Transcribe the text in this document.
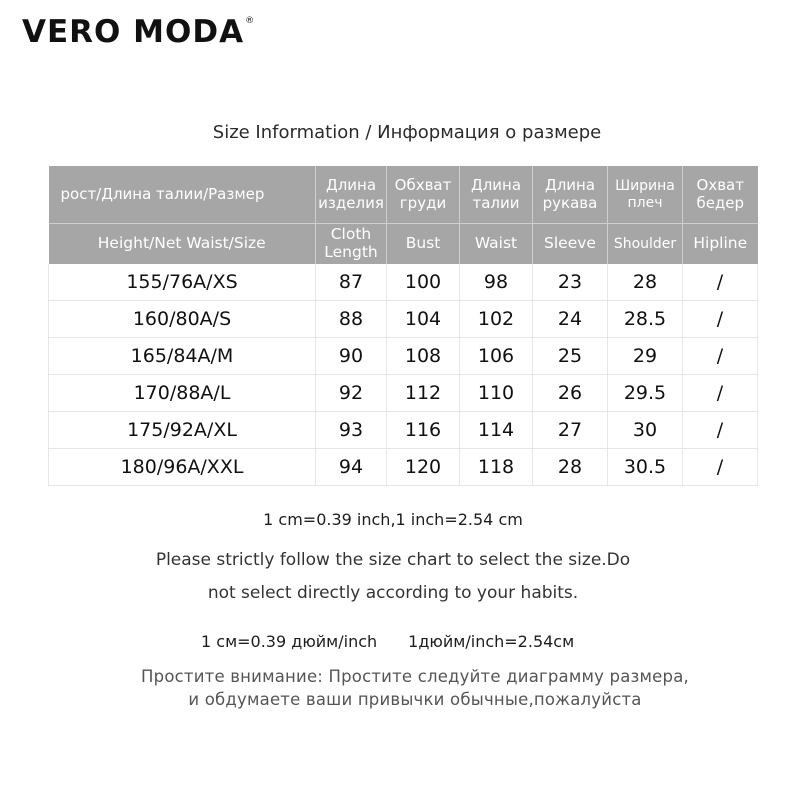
VERO MODA®
Size Information / Информация о размере
рост/Длина талии/Размер	Длина изделия	Обхват груди	Длина талии	Длина рукава	Ширина плеч	Охват бедер
Height/Net Waist/Size	Cloth Length	Bust	Waist	Sleeve	Shoulder	Hipline
155/76A/XS	87	100	98	23	28	/
160/80A/S	88	104	102	24	28.5	/
165/84A/M	90	108	106	25	29	/
170/88A/L	92	112	110	26	29.5	/
175/92A/XL	93	116	114	27	30	/
180/96A/XXL	94	120	118	28	30.5	/
1 cm=0.39 inch,1 inch=2.54 cm
Please strictly follow the size chart to select the size.Do
not select directly according to your habits.
1 см=0.39 дюйм/inch 1дюйм/inch=2.54см
Простите внимание: Простите следуйте диаграмму размера,
и обдумаете ваши привычки обычные,пожалуйста
